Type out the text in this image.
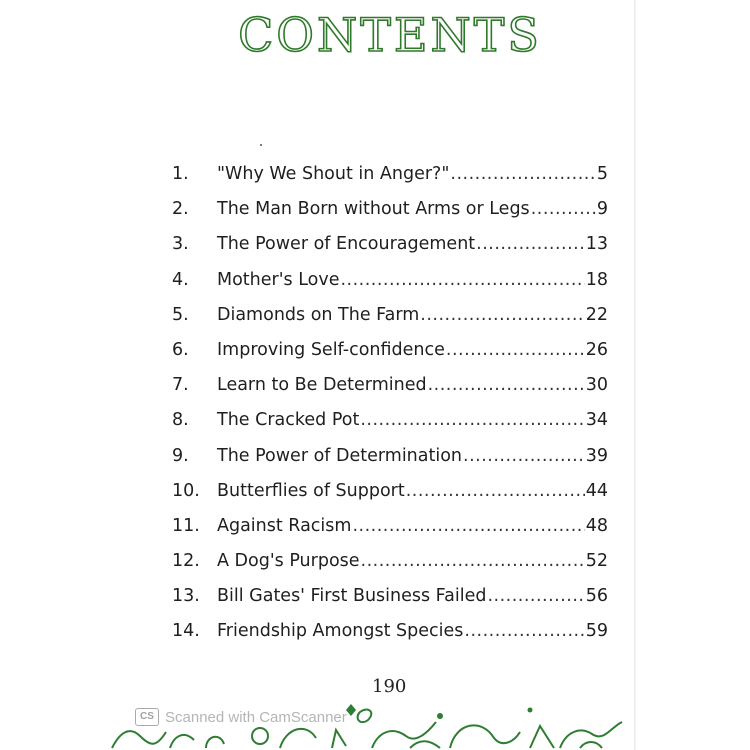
CONTENTS
1.	"Why We Shout in Anger?" .....	5
2.	The Man Born without Arms or Legs .....	9
3.	The Power of Encouragement .....	13
4.	Mother's Love .....	18
5.	Diamonds on The Farm .....	22
6.	Improving Self-confidence .....	26
7.	Learn to Be Determined .....	30
8.	The Cracked Pot .....	34
9.	The Power of Determination .....	39
10. Butterflies of Support .....	44
11. Against Racism .....	48
12. A Dog's Purpose .....	52
13. Bill Gates' First Business Failed .....	56
14. Friendship Amongst Species .....	59
190
CS Scanned with CamScanner
